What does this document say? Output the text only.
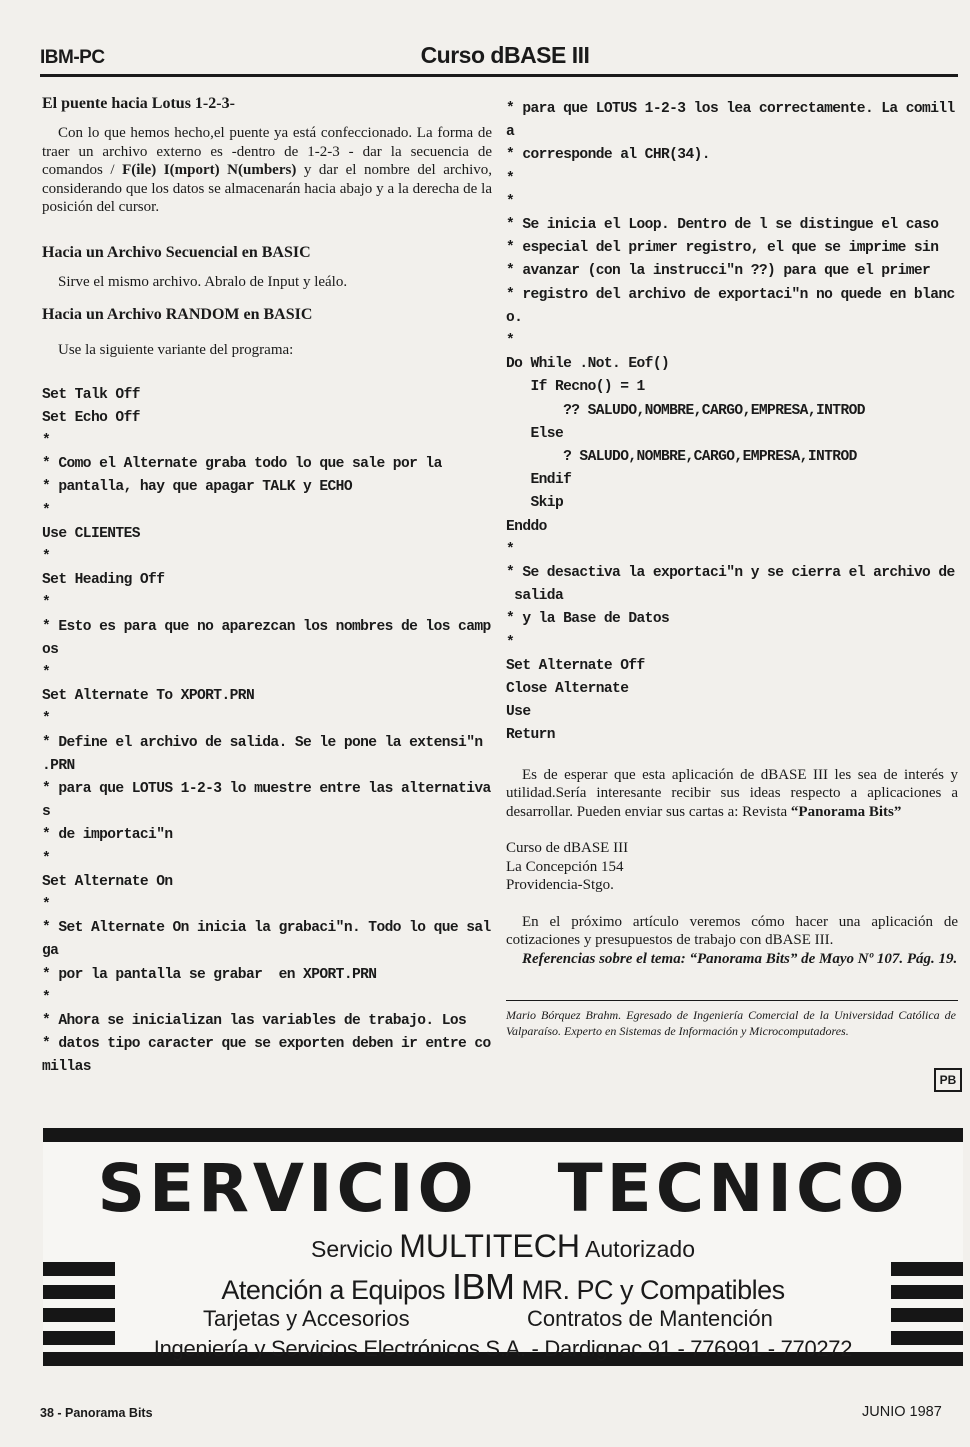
IBM-PC	Curso dBASE III
El puente hacia Lotus 1-2-3-

Con lo que hemos hecho,el puente ya está confeccionado. La forma de traer un archivo externo es -dentro de 1-2-3 - dar la secuencia de comandos / F(ile) I(mport) N(umbers) y dar el nombre del archivo, considerando que los datos se almacenarán hacia abajo y a la derecha de la posición del cursor.

Hacia un Archivo Secuencial en BASIC

Sirve el mismo archivo. Abralo de Input y leálo.

Hacia un Archivo RANDOM en BASIC

Use la siguiente variante del programa:

Set Talk Off
Set Echo Off
*
* Como el Alternate graba todo lo que sale por la
* pantalla, hay que apagar TALK y ECHO
*
Use CLIENTES
*
Set Heading Off
*
* Esto es para que no aparezcan los nombres de los camp
os
*
Set Alternate To XPORT.PRN
*
* Define el archivo de salida. Se le pone la extensi"n
.PRN
* para que LOTUS 1-2-3 lo muestre entre las alternativa
s
* de importaci"n
*
Set Alternate On
*
* Set Alternate On inicia la grabaci"n. Todo lo que sal
ga
* por la pantalla se grabar  en XPORT.PRN
*
* Ahora se inicializan las variables de trabajo. Los
* datos tipo caracter que se exporten deben ir entre co
millas
* para que LOTUS 1-2-3 los lea correctamente. La comill
a
* corresponde al CHR(34).
*
*
* Se inicia el Loop. Dentro de l se distingue el caso
* especial del primer registro, el que se imprime sin
* avanzar (con la instrucci"n ??) para que el primer
* registro del archivo de exportaci"n no quede en blanc
o.
*
Do While .Not. Eof()
If Recno() = 1
?? SALUDO,NOMBRE,CARGO,EMPRESA,INTROD
Else
? SALUDO,NOMBRE,CARGO,EMPRESA,INTROD
Endif
Skip
Enddo
*
* Se desactiva la exportaci"n y se cierra el archivo de
salida
* y la Base de Datos
*
Set Alternate Off
Close Alternate
Use
Return

Es de esperar que esta aplicación de dBASE III les sea de interés y utilidad.Sería interesante recibir sus ideas respecto a aplicaciones a desarrollar. Pueden enviar sus cartas a: Revista “Panorama Bits”

Curso de dBASE III
La Concepción 154
Providencia-Stgo.

En el próximo artículo veremos cómo hacer una aplicación de cotizaciones y presupuestos de trabajo con dBASE III.

Referencias sobre el tema: “Panorama Bits” de Mayo Nº 107. Pág. 19.

Mario Bórquez Brahm. Egresado de Ingeniería Comercial de la Universidad Católica de Valparaíso. Experto en Sistemas de Información y Microcomputadores.

PB
SERVICIO TECNICO
Servicio MULTITECH Autorizado
Atención a Equipos IBM MR. PC y Compatibles
Tarjetas y Accesorios	Contratos de Mantención
Ingeniería y Servicios Electrónicos S.A. - Dardignac 91 - 776991 - 770272
38 - Panorama Bits	JUNIO 1987
